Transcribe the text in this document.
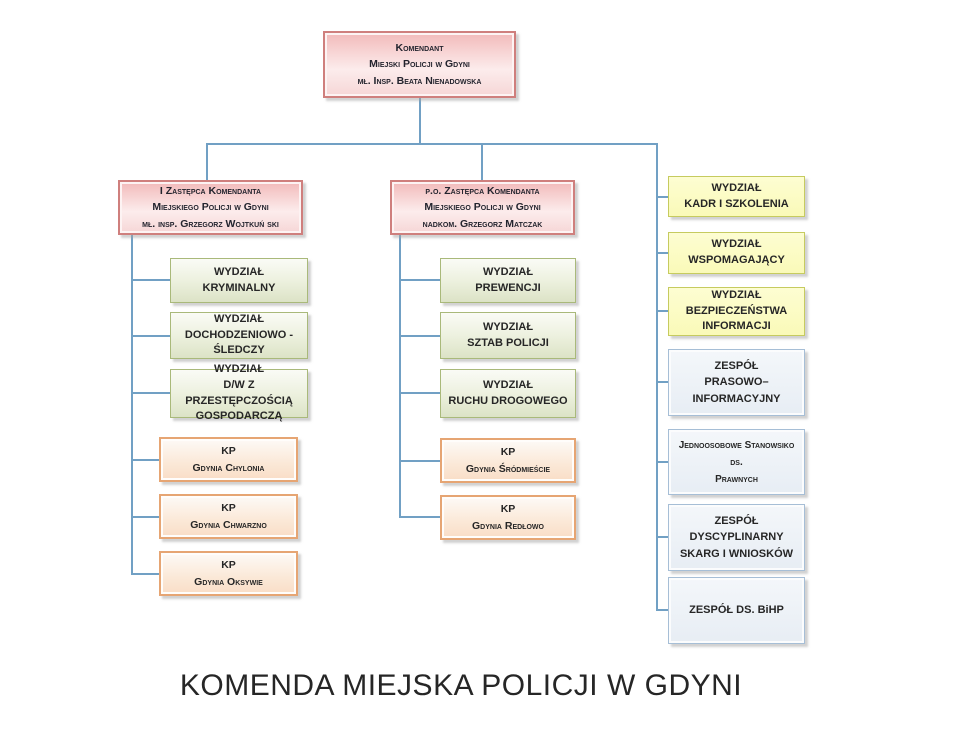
Komendant
Miejski Policji w Gdyni
mł. Insp. Beata Nienadowska
I Zastępca Komendanta
Miejskiego Policji w Gdyni
mł. insp. Grzegorz Wojtkuń ski
p.o. Zastępca Komendanta
Miejskiego Policji w Gdyni
nadkom. Grzegorz Matczak
WYDZIAŁ
KRYMINALNY
WYDZIAŁ
DOCHODZENIOWO -
ŚLEDCZY
WYDZIAŁ
D/W Z PRZESTĘPCZOŚCIĄ
GOSPODARCZĄ
KP
Gdynia Chylonia
KP
Gdynia Chwarzno
KP
Gdynia Oksywie
WYDZIAŁ
PREWENCJI
WYDZIAŁ
SZTAB POLICJI
WYDZIAŁ
RUCHU DROGOWEGO
KP
Gdynia Śródmieście
KP
Gdynia Redłowo
WYDZIAŁ
KADR I SZKOLENIA
WYDZIAŁ
WSPOMAGAJĄCY
WYDZIAŁ
BEZPIECZEŃSTWA
INFORMACJI
ZESPÓŁ
PRASOWO–INFORMACYJNY
Jednoosobowe Stanowsiko
ds.
Prawnych
ZESPÓŁ DYSCYPLINARNY
SKARG I WNIOSKÓW
ZESPÓŁ DS. BiHP
KOMENDA MIEJSKA POLICJI W GDYNI
